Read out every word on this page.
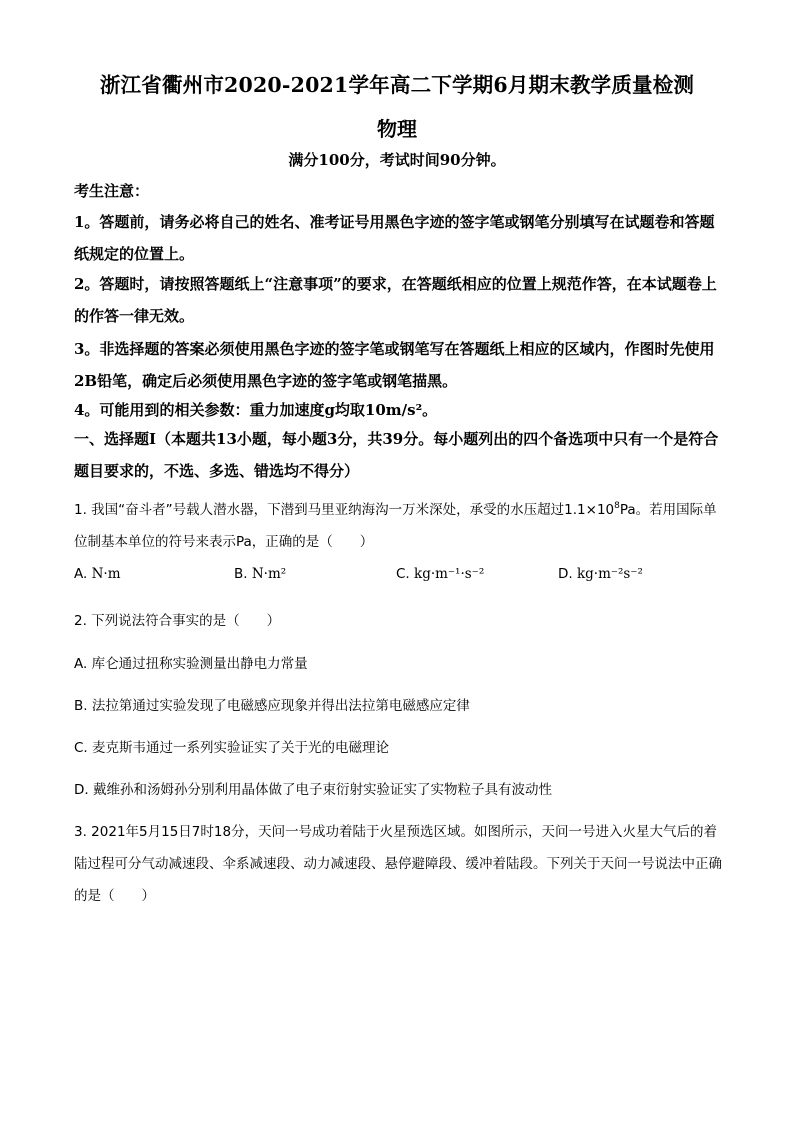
浙江省衢州市2020-2021学年高二下学期6月期末教学质量检测
物理
满分100分，考试时间90分钟。
考生注意：
1。答题前，请务必将自己的姓名、准考证号用黑色字迹的签字笔或钢笔分别填写在试题卷和答题纸规定的位置上。
2。答题时，请按照答题纸上“注意事项”的要求，在答题纸相应的位置上规范作答，在本试题卷上的作答一律无效。
3。非选择题的答案必须使用黑色字迹的签字笔或钢笔写在答题纸上相应的区域内，作图时先使用2B铅笔，确定后必须使用黑色字迹的签字笔或钢笔描黑。
4。可能用到的相关参数：重力加速度g均取10m/s²。
一、选择题Ⅰ（本题共13小题，每小题3分，共39分。每小题列出的四个备选项中只有一个是符合题目要求的，不选、多选、错选均不得分）
1. 我国“奋斗者”号载人潜水器，下潜到马里亚纳海沟一万米深处，承受的水压超过$1.1\times 10^8Pa$。若用国际单位制基本单位的符号来表示Pa，正确的是（　　）
A. N·m	B. N·m²	C. kg·m⁻¹·s⁻²	D. kg·m⁻²s⁻²
2. 下列说法符合事实的是（　　）
A. 库仑通过扭称实验测量出静电力常量
B. 法拉第通过实验发现了电磁感应现象并得出法拉第电磁感应定律
C. 麦克斯韦通过一系列实验证实了关于光的电磁理论
D. 戴维孙和汤姆孙分别利用晶体做了电子束衍射实验证实了实物粒子具有波动性
3. 2021年5月15日7时18分，天问一号成功着陆于火星预选区域。如图所示，天问一号进入火星大气后的着陆过程可分气动减速段、伞系减速段、动力减速段、悬停避障段、缓冲着陆段。下列关于天问一号说法中正确的是（　　）
